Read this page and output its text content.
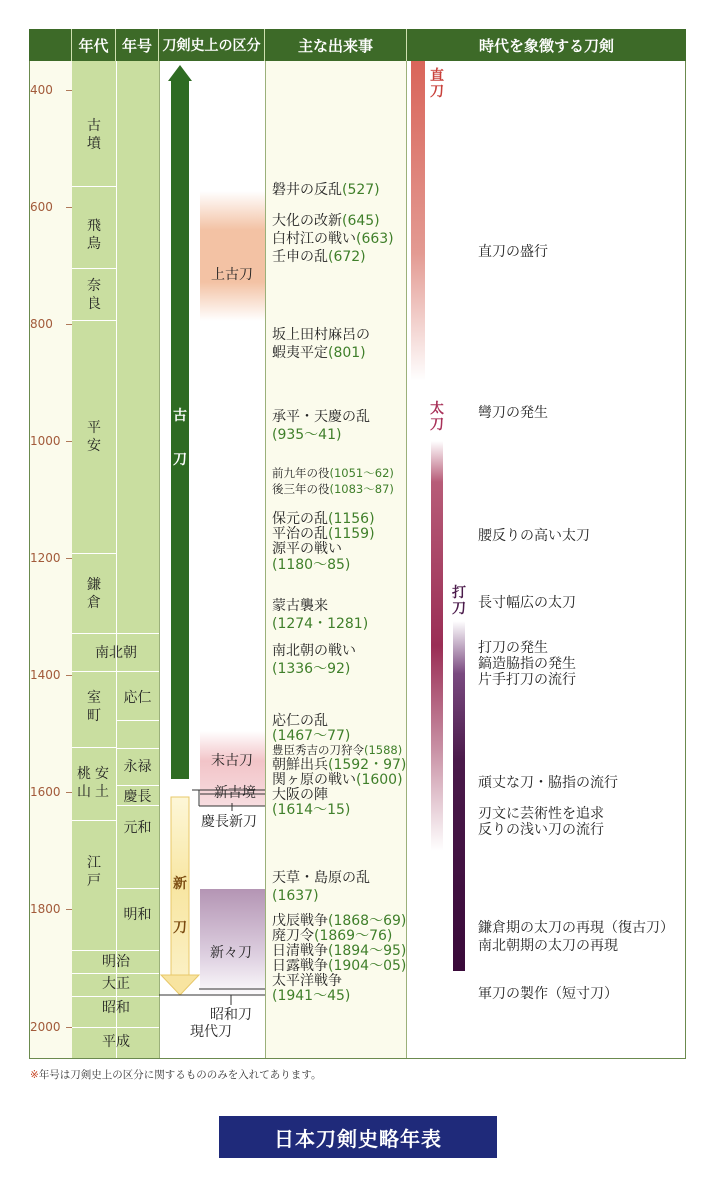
年代 年号 刀剣史上の区分	主な出来事	時代を象徴する刀剣
400
600
800
1000
1200
1400
1600
1800
2000
古
墳
飛
鳥
奈
良
平
安
鎌
倉
南北朝
室
町
桃
山
安
土
江
戸
明治
大正
昭和
平成
応仁
永禄
慶長
元和
明和
古
刀
新
刀
上古刀
末古刀
新古境
慶長新刀
新々刀
昭和刀
現代刀
磐井の反乱(527)
大化の改新(645)
白村江の戦い(663)
壬申の乱(672)
坂上田村麻呂の
蝦夷平定(801)
承平・天慶の乱
(935～41)
前九年の役(1051～62)
後三年の役(1083～87)
保元の乱(1156)
平治の乱(1159)
源平の戦い
(1180～85)
蒙古襲来
(1274・1281)
南北朝の戦い
(1336～92)
応仁の乱
(1467～77)
豊臣秀吉の刀狩令(1588)
朝鮮出兵(1592・97)
関ヶ原の戦い(1600)
大阪の陣
(1614～15)
天草・島原の乱
(1637)
戊辰戦争(1868～69)
廃刀令(1869～76)
日清戦争(1894～95)
日露戦争(1904～05)
太平洋戦争
(1941～45)
直
刀
太
刀
打
刀
直刀の盛行
彎刀の発生
腰反りの高い太刀
長寸幅広の太刀
打刀の発生
鎬造脇指の発生
片手打刀の流行
頑丈な刀・脇指の流行
刃文に芸術性を追求
反りの浅い刀の流行
鎌倉期の太刀の再現（復古刀）
南北朝期の太刀の再現
軍刀の製作（短寸刀）
※年号は刀剣史上の区分に関するもののみを入れてあります。
日本刀剣史略年表
